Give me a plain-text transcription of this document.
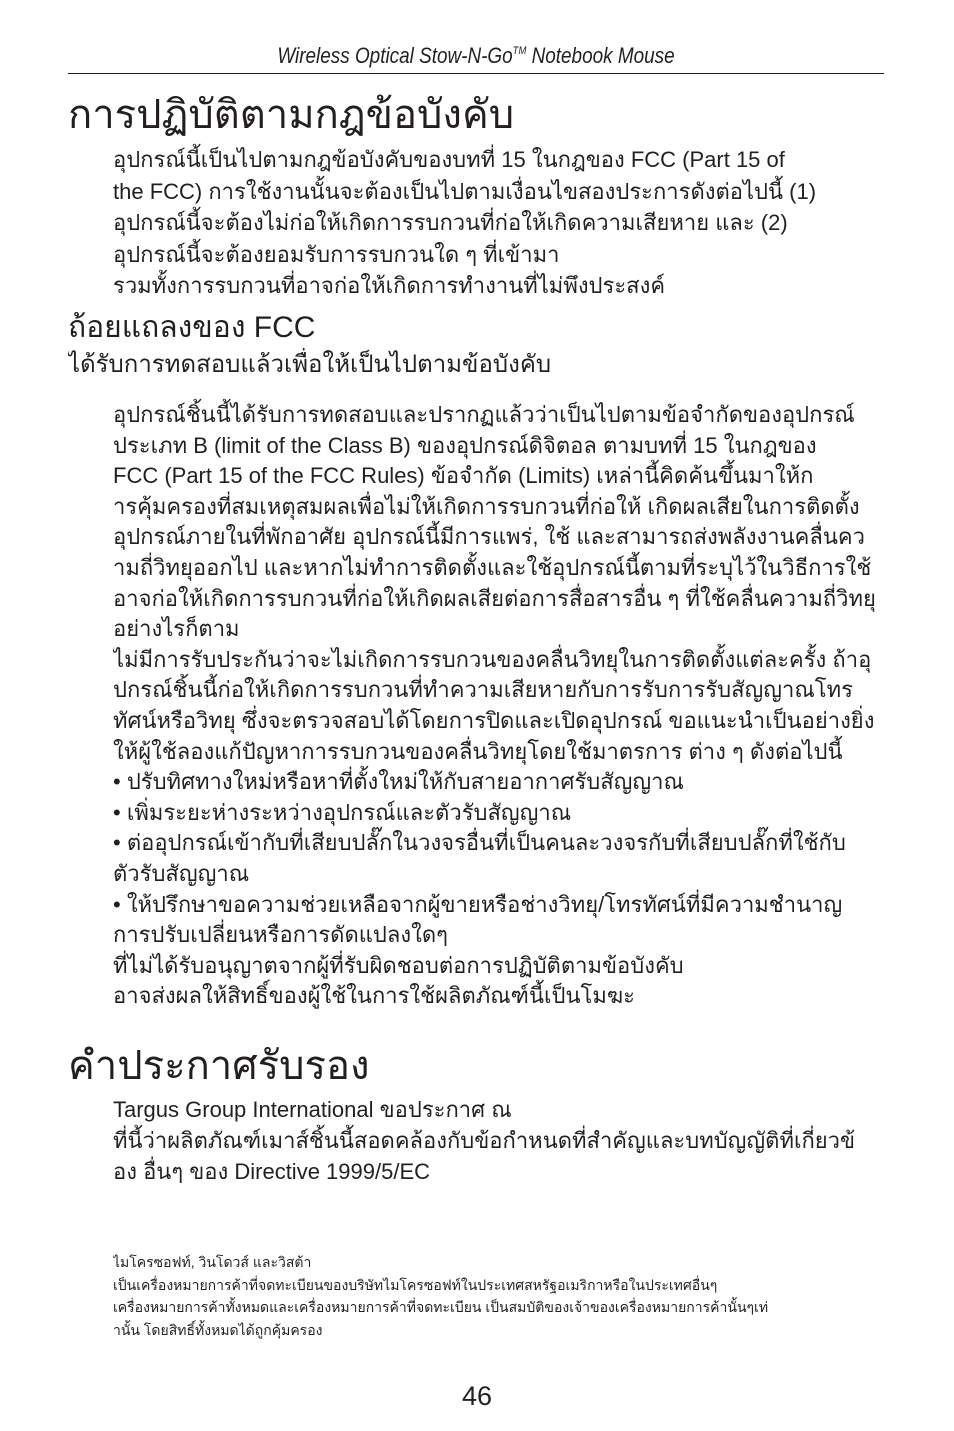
Wireless Optical Stow-N-Go™ Notebook Mouse
การปฏิบัติตามกฎข้อบังคับ
อุปกรณ์นี้เป็นไปตามกฎข้อบังคับของบทที่ 15 ในกฎของ FCC (Part 15 of
the FCC) การใช้งานนั้นจะต้องเป็นไปตามเงื่อนไขสองประการดังต่อไปนี้ (1)
อุปกรณ์นี้จะต้องไม่ก่อให้เกิดการรบกวนที่ก่อให้เกิดความเสียหาย และ (2)
อุปกรณ์นี้จะต้องยอมรับการรบกวนใด ๆ ที่เข้ามา
รวมทั้งการรบกวนที่อาจก่อให้เกิดการทำงานที่ไม่พึงประสงค์
ถ้อยแถลงของ FCC
ได้รับการทดสอบแล้วเพื่อให้เป็นไปตามข้อบังคับ
อุปกรณ์ชิ้นนี้ได้รับการทดสอบและปรากฏแล้วว่าเป็นไปตามข้อจำกัดของอุปกรณ์
ประเภท B (limit of the Class B) ของอุปกรณ์ดิจิตอล ตามบทที่ 15 ในกฎของ
FCC (Part 15 of the FCC Rules) ข้อจำกัด (Limits) เหล่านี้คิดค้นขึ้นมาให้ก
ารคุ้มครองที่สมเหตุสมผลเพื่อไม่ให้เกิดการรบกวนที่ก่อให้ เกิดผลเสียในการติดตั้ง
อุปกรณ์ภายในที่พักอาศัย อุปกรณ์นี้มีการแพร่, ใช้ และสามารถส่งพลังงานคลื่นคว
ามถี่วิทยุออกไป และหากไม่ทำการติดตั้งและใช้อุปกรณ์นี้ตามที่ระบุไว้ในวิธีการใช้
อาจก่อให้เกิดการรบกวนที่ก่อให้เกิดผลเสียต่อการสื่อสารอื่น ๆ ที่ใช้คลื่นความถี่วิทยุ
อย่างไรก็ตาม
ไม่มีการรับประกันว่าจะไม่เกิดการรบกวนของคลื่นวิทยุในการติดตั้งแต่ละครั้ง ถ้าอุ
ปกรณ์ชิ้นนี้ก่อให้เกิดการรบกวนที่ทำความเสียหายกับการรับการรับสัญญาณโทร
ทัศน์หรือวิทยุ ซึ่งจะตรวจสอบได้โดยการปิดและเปิดอุปกรณ์ ขอแนะนำเป็นอย่างยิ่ง
ให้ผู้ใช้ลองแก้ปัญหาการรบกวนของคลื่นวิทยุโดยใช้มาตรการ ต่าง ๆ ดังต่อไปนี้
• ปรับทิศทางใหม่หรือหาที่ตั้งใหม่ให้กับสายอากาศรับสัญญาณ
• เพิ่มระยะห่างระหว่างอุปกรณ์และตัวรับสัญญาณ
• ต่ออุปกรณ์เข้ากับที่เสียบปลั๊กในวงจรอื่นที่เป็นคนละวงจรกับที่เสียบปลั๊กที่ใช้กับ
ตัวรับสัญญาณ
• ให้ปรึกษาขอความช่วยเหลือจากผู้ขายหรือช่างวิทยุ/โทรทัศน์ที่มีความชำนาญ
การปรับเปลี่ยนหรือการดัดแปลงใดๆ
ที่ไม่ได้รับอนุญาตจากผู้ที่รับผิดชอบต่อการปฏิบัติตามข้อบังคับ
อาจส่งผลให้สิทธิ์ของผู้ใช้ในการใช้ผลิตภัณฑ์นี้เป็นโมฆะ
คำประกาศรับรอง
Targus Group International ขอประกาศ ณ
ที่นี้ว่าผลิตภัณฑ์เมาส์ชิ้นนี้สอดคล้องกับข้อกำหนดที่สำคัญและบทบัญญัติที่เกี่ยวข้
อง อื่นๆ ของ Directive 1999/5/EC
ไมโครซอฟท์, วินโดวส์ และวิสต้า
เป็นเครื่องหมายการค้าที่จดทะเบียนของบริษัทไมโครซอฟท์ในประเทศสหรัฐอเมริกาหรือในประเทศอื่นๆ
เครื่องหมายการค้าทั้งหมดและเครื่องหมายการค้าที่จดทะเบียน เป็นสมบัติของเจ้าของเครื่องหมายการค้านั้นๆเท่
านั้น โดยสิทธิ์ทั้งหมดได้ถูกคุ้มครอง
46
